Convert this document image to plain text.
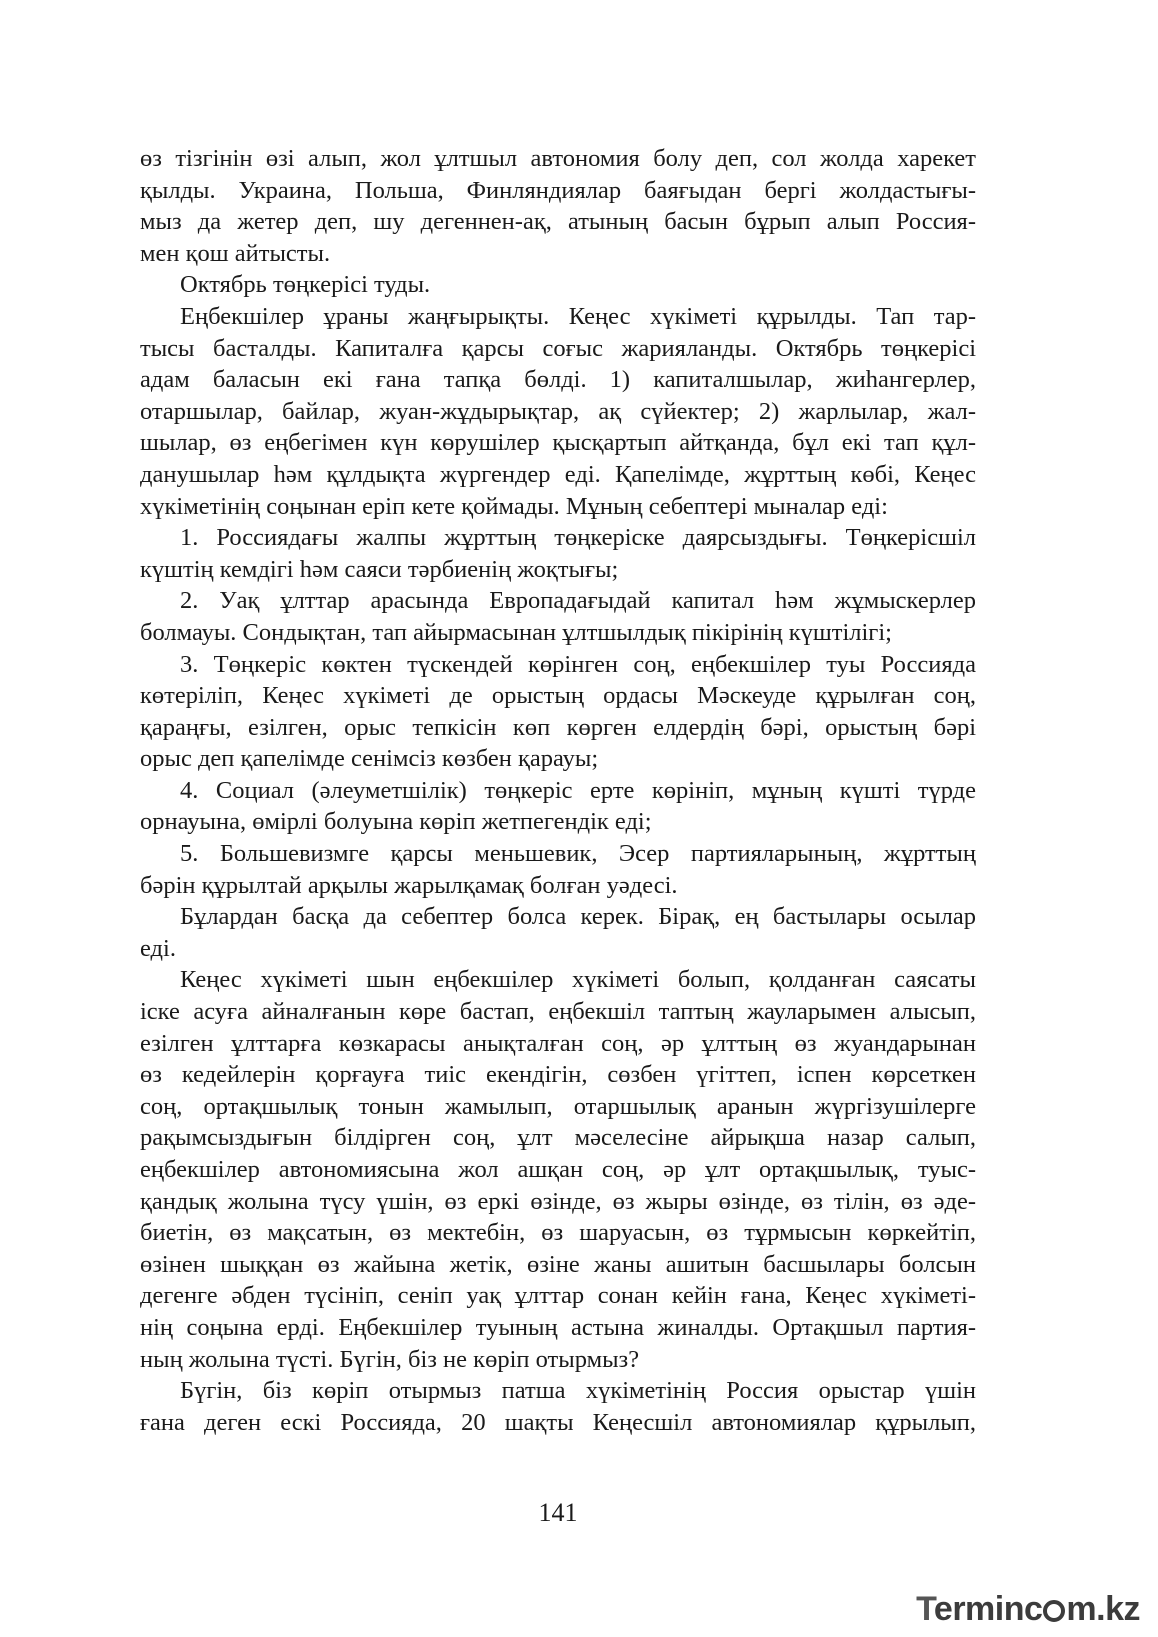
өз тізгінін өзі алып, жол ұлтшыл автономия болу деп, сол жолда харекет
қылды. Украина, Польша, Финляндиялар баяғыдан бергі жолдастығы-
мыз да жетер деп, шу дегеннен-ақ, атының басын бұрып алып Россия-
мен қош айтысты.
Октябрь төңкерісі туды.
Еңбекшілер ұраны жаңғырықты. Кеңес хүкіметі құрылды. Тап тар-
тысы басталды. Капиталға қарсы соғыс жарияланды. Октябрь төңкерісі
адам баласын екі ғана тапқа бөлді. 1) капиталшылар, жиһангерлер,
отаршылар, байлар, жуан-жұдырықтар, ақ сүйектер; 2) жарлылар, жал-
шылар, өз еңбегімен күн көрушілер қысқартып айтқанда, бұл екі тап құл-
данушылар һәм құлдықта жүргендер еді. Қапелімде, жұрттың көбі, Кеңес
хүкіметінің соңынан еріп кете қоймады. Мұның себептері мыналар еді:
1. Россиядағы жалпы жұрттың төңкеріске даярсыздығы. Төңкерісшіл
күштің кемдігі һәм саяси тәрбиенің жоқтығы;
2. Уақ ұлттар арасында Европадағыдай капитал һәм жұмыскерлер
болмауы. Сондықтан, тап айырмасынан ұлтшылдық пікірінің күштілігі;
3. Төңкеріс көктен түскендей көрінген соң, еңбекшілер туы Россияда
көтеріліп, Кеңес хүкіметі де орыстың ордасы Мәскеуде құрылған соң,
қараңғы, езілген, орыс тепкісін көп көрген елдердің бәрі, орыстың бәрі
орыс деп қапелімде сенімсіз көзбен қарауы;
4. Социал (әлеуметшілік) төңкеріс ерте көрініп, мұның күшті түрде
орнауына, өмірлі болуына көріп жетпегендік еді;
5. Большевизмге қарсы меньшевик, Эсер партияларының, жұрттың
бәрін құрылтай арқылы жарылқамақ болған уәдесі.
Бұлардан басқа да себептер болса керек. Бірақ, ең бастылары осылар
еді.
Кеңес хүкіметі шын еңбекшілер хүкіметі болып, қолданған саясаты
іске асуға айналғанын көре бастап, еңбекшіл таптың жауларымен алысып,
езілген ұлттарға көзкарасы анықталған соң, әр ұлттың өз жуандарынан
өз кедейлерін қорғауға тиіс екендігін, сөзбен үгіттеп, іспен көрсеткен
соң, ортақшылық тонын жамылып, отаршылық аранын жүргізушілерге
рақымсыздығын білдірген соң, ұлт мәселесіне айрықша назар салып,
еңбекшілер автономиясына жол ашқан соң, әр ұлт ортақшылық, туыс-
қандық жолына түсу үшін, өз еркі өзінде, өз жыры өзінде, өз тілін, өз әде-
биетін, өз мақсатын, өз мектебін, өз шаруасын, өз тұрмысын көркейтіп,
өзінен шыққан өз жайына жетік, өзіне жаны ашитын басшылары болсын
дегенге әбден түсініп, сеніп уақ ұлттар сонан кейін ғана, Кеңес хүкіметі-
нің соңына ерді. Еңбекшілер туының астына жиналды. Ортақшыл партия-
ның жолына түсті. Бүгін, біз не көріп отырмыз?
Бүгін, біз көріп отырмыз патша хүкіметінің Россия орыстар үшін
ғана деген ескі Россияда, 20 шақты Кеңесшіл автономиялар құрылып,
141
Terminc m.kz
